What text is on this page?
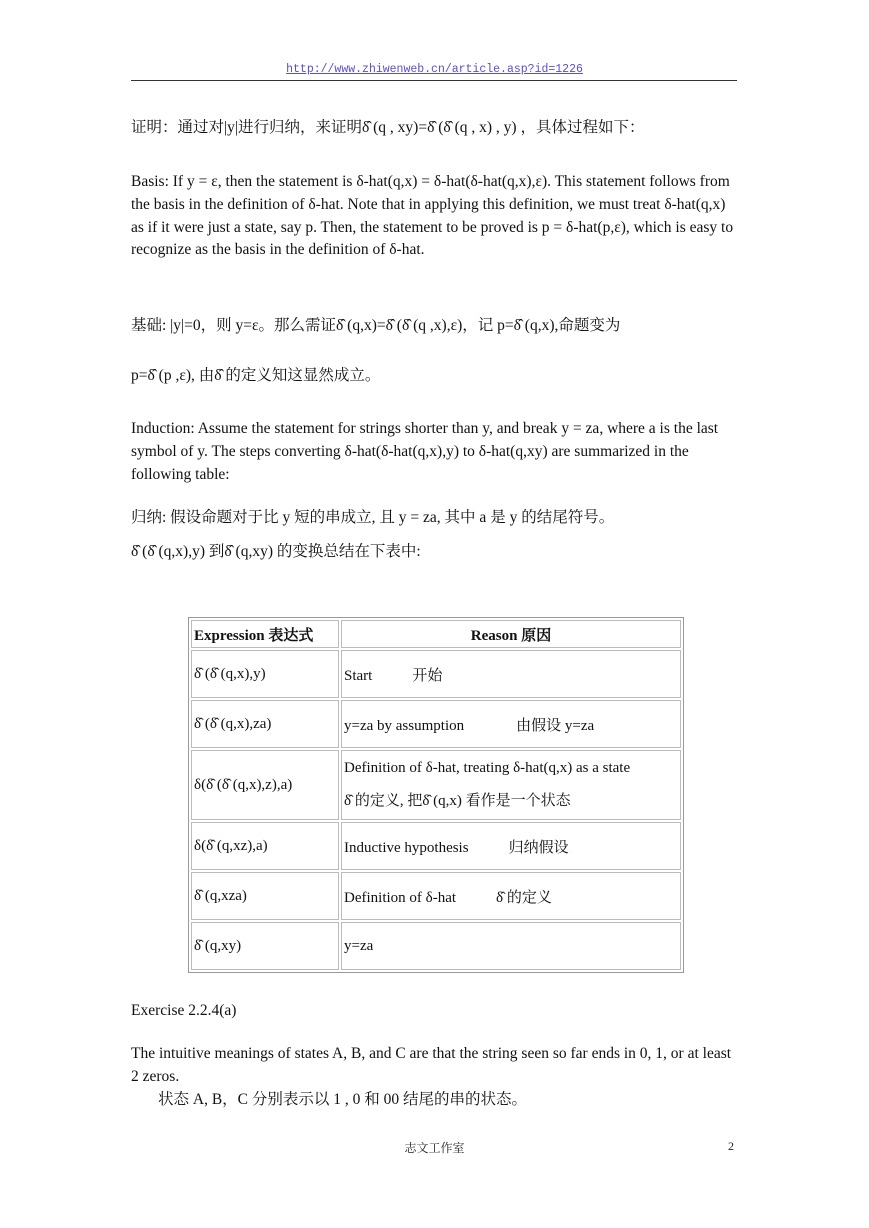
http://www.zhiwenweb.cn/article.asp?id=1226
证明：通过对|y|进行归纳，来证明δ̂ (q , xy)=δ̂ (δ̂ (q , x) , y) ，具体过程如下：
Basis: If y = ε, then the statement is δ-hat(q,x) = δ-hat(δ-hat(q,x),ε). This statement follows from the basis in the definition of δ-hat. Note that in applying this definition, we must treat δ-hat(q,x) as if it were just a state, say p. Then, the statement to be proved is p = δ-hat(p,ε), which is easy to recognize as the basis in the definition of δ-hat.
基础: |y|=0，则 y=ε。那么需证δ̂ (q,x)=δ̂ (δ̂ (q ,x),ε)，记 p=δ̂ (q,x),命题变为
p=δ̂ (p ,ε), 由δ̂ 的定义知这显然成立。
Induction: Assume the statement for strings shorter than y, and break y = za, where a is the last symbol of y. The steps converting δ-hat(δ-hat(q,x),y) to δ-hat(q,xy) are summarized in the following table:
归纳: 假设命题对于比 y 短的串成立, 且 y = za, 其中 a 是 y 的结尾符号。
δ̂ (δ̂ (q,x),y) 到δ̂ (q,xy) 的变换总结在下表中:
Expression 表达式	Reason 原因
δ̂ (δ̂ (q,x),y)	Start 开始
δ̂ (δ̂ (q,x),za)	y=za by assumption 由假设 y=za
δ(δ̂ (δ̂ (q,x),z),a)	Definition of δ-hat, treating δ-hat(q,x) as a state
δ̂ 的定义, 把δ̂ (q,x) 看作是一个状态

δ(δ̂ (q,xz),a)	Inductive hypothesis 归纳假设
δ̂ (q,xza)	Definition of δ-hat δ̂ 的定义
δ̂ (q,xy)	y=za
Exercise 2.2.4(a)
The intuitive meanings of states A, B, and C are that the string seen so far ends in 0, 1, or at least 2 zeros.
状态 A, B，C 分别表示以 1 , 0 和 00 结尾的串的状态。
志文工作室	2
